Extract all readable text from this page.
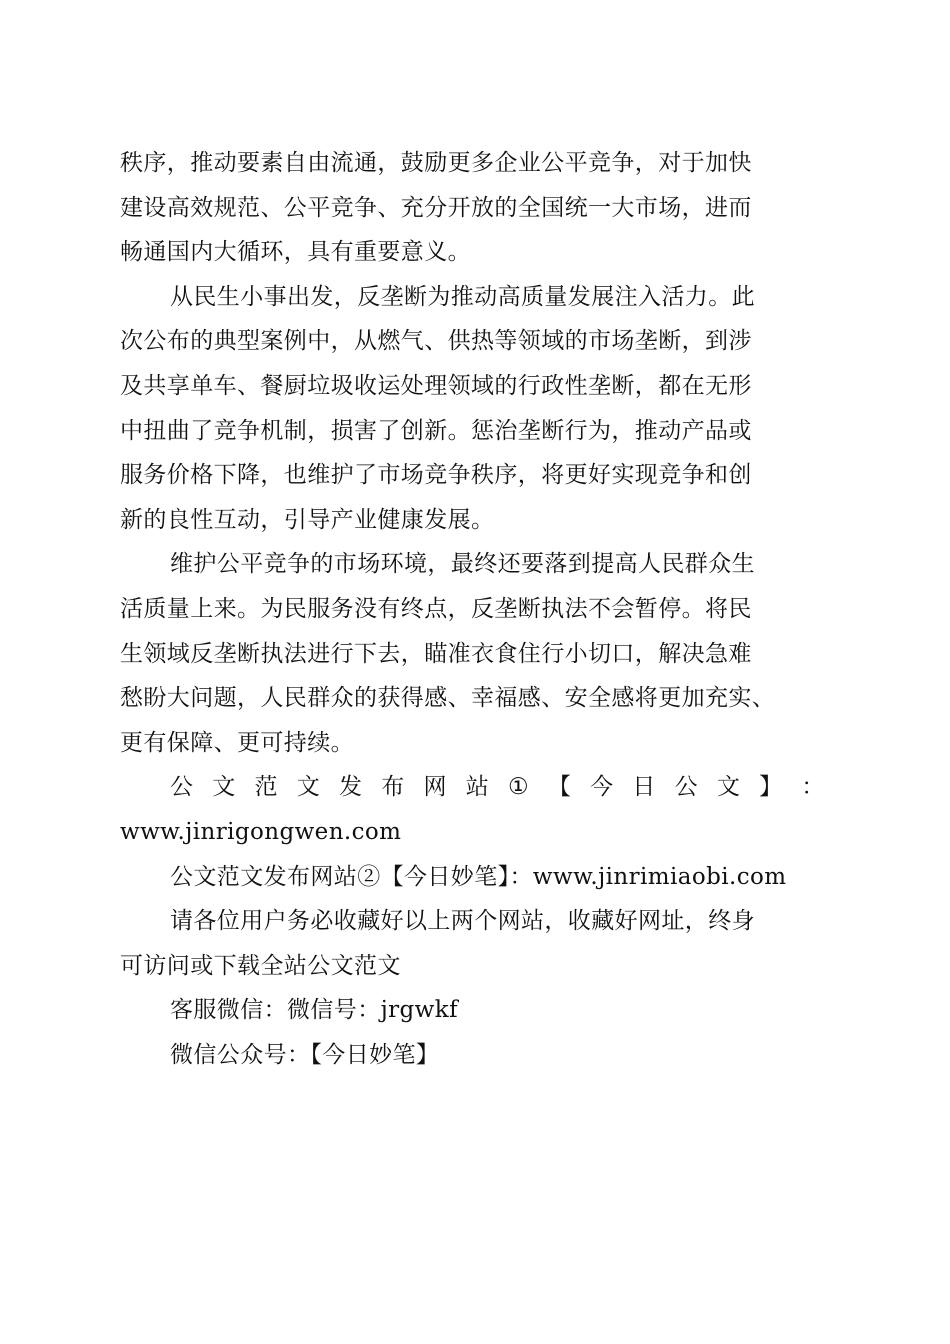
秩序，推动要素自由流通，鼓励更多企业公平竞争，对于加快
建设高效规范、公平竞争、充分开放的全国统一大市场，进而
畅通国内大循环，具有重要意义。
从民生小事出发，反垄断为推动高质量发展注入活力。此
次公布的典型案例中，从燃气、供热等领域的市场垄断，到涉
及共享单车、餐厨垃圾收运处理领域的行政性垄断，都在无形
中扭曲了竞争机制，损害了创新。惩治垄断行为，推动产品或
服务价格下降，也维护了市场竞争秩序，将更好实现竞争和创
新的良性互动，引导产业健康发展。
维护公平竞争的市场环境，最终还要落到提高人民群众生
活质量上来。为民服务没有终点，反垄断执法不会暂停。将民
生领域反垄断执法进行下去，瞄准衣食住行小切口，解决急难
愁盼大问题，人民群众的获得感、幸福感、安全感将更加充实、
更有保障、更可持续。
公 文 范 文 发 布 网 站 ① 【 今 日 公 文 】 ：
www.jinrigongwen.com
公文范文发布网站②【今日妙笔】：www.jinrimiaobi.com
请各位用户务必收藏好以上两个网站，收藏好网址，终身
可访问或下载全站公文范文
客服微信：微信号：jrgwkf
微信公众号：【今日妙笔】
